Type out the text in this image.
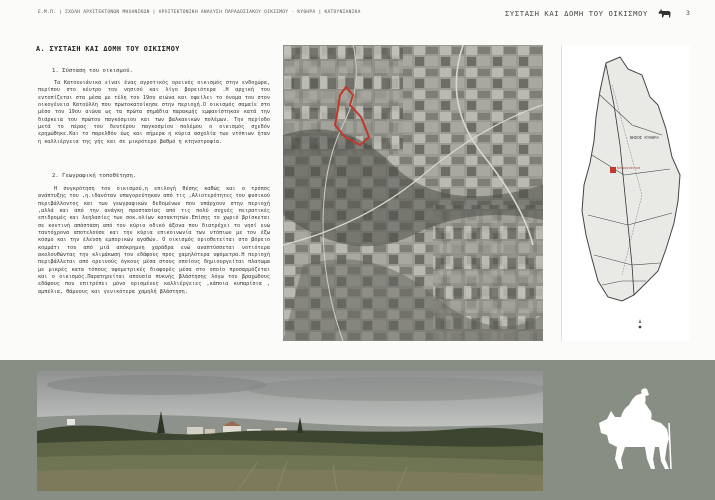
Ε.Μ.Π. | ΣΧΟΛΗ ΑΡΧΙΤΕΚΤΟΝΩΝ ΜΗΧΑΝΙΚΩΝ | ΑΡΧΙΤΕΚΤΟΝΙΚΗ ΑΝΑΛΥΣΗ ΠΑΡΑΔΟΣΙΑΚΟΥ ΟΙΚΙΣΜΟΥ - ΚΥΘΗΡΑ | ΚΑΤΟΥΝΙΑΝΙΚΑ	ΣΥΣΤΑΣΗ ΚΑΙ ΔΟΜΗ ΤΟΥ ΟΙΚΙΣΜΟΥ	3
Α. ΣΥΣΤΑΣΗ ΚΑΙ ΔΟΜΗ ΤΟΥ ΟΙΚΙΣΜΟΥ
1. Σύσταση του οικισμού.

Τα Κατουνιάνικα είναι ένας αγροτικός ορεινός οικισμός στην ενδοχώρα, περίπου στο κέντρο του νησιού και λίγο βορειότερα .Η αρχική του εντοπίζεται στα μέσα με τέλη του 19ου αιώνα και οφείλει το όνομα του στον οικογένεια Κατούλλη που πρωτοκατοίκησε στην περιοχή.Ο οικισμός σαμαίε στο μέσο του 19ου αιώνα ως τα πρώτα σημάδια παρακμής εμφανίστηκαν κατά την διάρκεια του πρώτου παγκόσμιου και των βαλκανικών πολέμων. Την περίοδο μετά το πέρας του δευτέρου παγκοσμίου πολέμου ο οικισμός σχεδόν ερημώθηκε.Και το παρελθόν έως και σήμερα η κύρια ασχολία των ντόπιων ήταν η καλλιέργεια της γής και σε μικρότερο βαθμό η κτηνοτροφία.

2. Γεωγραφική τοποθέτηση.

Η συγκρότηση του οικισμού,η επιλογή θέσης καθώς και ο τρόπος ανάπτυξης του ,η.ιδανόταν υπαγορεύτηκαν από τις ,Αλιοτερότητες του φυσικού περιβάλλοντος και των γεωγραφικών δεδομένων που υπάρχουν στην περιοχή ,αλλά και από την ανάγκη προστασίας από τις πολύ συχνές πειρατικές επιδρομές και λεηλασίες των σοκ.ολίων κατακτητών.Επίσης το χωριό βρίσκεται σε κοντινή απόσταση από τον κύριο οδικό άξονα που διατρέχει το νησί ενώ ταυτόχρονα αποτελούσε και την κύρια επικοινωνία των ντόπιων με τον έξω κόσμο και την έλευση εμπορικών αγαθών. Ο οικισμός οριοθετείται στο βόρειο κομμάτι του από μιά απόκρημνη χαράδρα ενώ αναπτύσσεται νοτιότερα ακολουθώντας την κλιμάκωση του εδάφους προς χαμηλότερα υψόμετρα.Η περιοχή περιβάλλεται από ορεινούς όγκους μέσα στους οποίους δημιουργείται πλατωμα με μικρές κατα τόπους υψομετρικές διαφορές μέσα στο οποίο προσαρμόζεται και ο οικισμός.Παρατηρείται απουσία πυκνής βλάστησης λόγω του βραχώδους εδάφους που επιτρέπει μόνο ορισμένες καλλιέργειες ,κάποια κυπαρίσια , αμπέλια, θάμνους και γενικότερα χαμηλή βλάστηση.

Κατουνιάνικα
ΝΗΣΟΣ ΚΥΘΗΡΑ
